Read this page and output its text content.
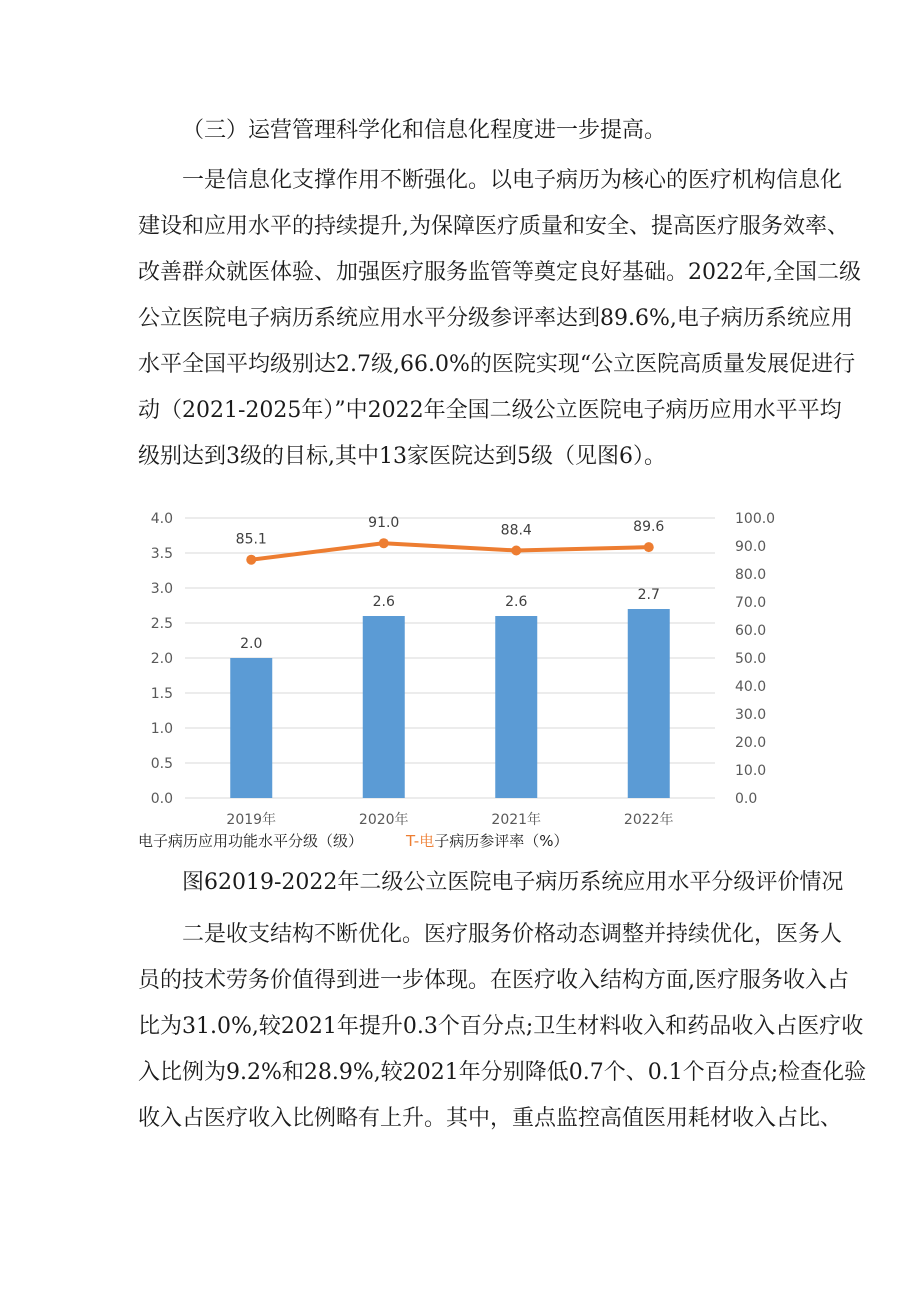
（三）运营管理科学化和信息化程度进一步提高。

一是信息化支撑作用不断强化。以电子病历为核心的医疗机构信息化

建设和应用水平的持续提升,为保障医疗质量和安全、提高医疗服务效率、

改善群众就医体验、加强医疗服务监管等奠定良好基础。2022年,全国二级

公立医院电子病历系统应用水平分级参评率达到89.6%,电子病历系统应用

水平全国平均级别达2.7级,66.0%的医院实现“公立医院高质量发展促进行

动（2021-2025年）”中2022年全国二级公立医院电子病历应用水平平均

级别达到3级的目标,其中13家医院达到5级（见图6）。

0.0
0.5
1.0
1.5
2.0
2.5
3.0
3.5
4.0
0.0
10.0
20.0
30.0
40.0
50.0
60.0
70.0
80.0
90.0
100.0
2.0
2019年
2.6
2020年
2.6
2021年
2.7
2022年
85.1
91.0	88.4	89.6
电子病历应用功能水平分级（级）	T-电子病历参评率（%）
图62019-2022年二级公立医院电子病历系统应用水平分级评价情况

二是收支结构不断优化。医疗服务价格动态调整并持续优化，医务人

员的技术劳务价值得到进一步体现。在医疗收入结构方面,医疗服务收入占

比为31.0%,较2021年提升0.3个百分点;卫生材料收入和药品收入占医疗收

入比例为9.2%和28.9%,较2021年分别降低0.7个、0.1个百分点;检查化验

收入占医疗收入比例略有上升。其中，重点监控高值医用耗材收入占比、
